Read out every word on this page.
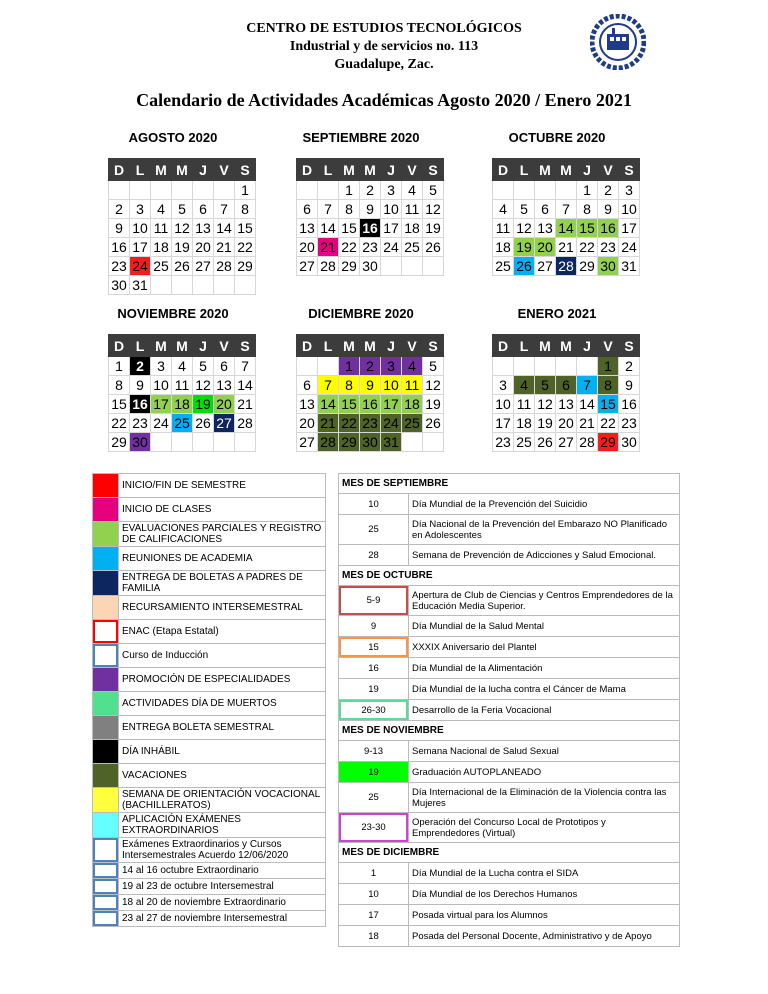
CENTRO DE ESTUDIOS TECNOLÓGICOS
Industrial y de servicios no. 113
Guadalupe, Zac.
Calendario de Actividades Académicas Agosto 2020 / Enero 2021
AGOSTO 2020
D	L	M	M	J	V	S
						1
2	3	4	5	6	7	8
9	10	11	12	13	14	15
16	17	18	19	20	21	22
23	24	25	26	27	28	29
30	31					
SEPTIEMBRE 2020
D	L	M	M	J	V	S
		1	2	3	4	5
6	7	8	9	10	11	12
13	14	15	16	17	18	19
20	21	22	23	24	25	26
27	28	29	30			
OCTUBRE 2020
D	L	M	M	J	V	S
				1	2	3
4	5	6	7	8	9	10
11	12	13	14	15	16	17
18	19	20	21	22	23	24
25	26	27	28	29	30	31
NOVIEMBRE 2020
D	L	M	M	J	V	S
1	2	3	4	5	6	7
8	9	10	11	12	13	14
15	16	17	18	19	20	21
22	23	24	25	26	27	28
29	30					
DICIEMBRE 2020
D	L	M	M	J	V	S
		1	2	3	4	5
6	7	8	9	10	11	12
13	14	15	16	17	18	19
20	21	22	23	24	25	26
27	28	29	30	31		
ENERO 2021
D	L	M	M	J	V	S
					1	2
3	4	5	6	7	8	9
10	11	12	13	14	15	16
17	18	19	20	21	22	23
23	25	26	27	28	29	30
	INICIO/FIN DE SEMESTRE
	INICIO DE CLASES
	EVALUACIONES PARCIALES Y REGISTRO DE CALIFICACIONES
	REUNIONES DE ACADEMIA
	ENTREGA DE BOLETAS A PADRES DE FAMILIA
	RECURSAMIENTO INTERSEMESTRAL
	ENAC (Etapa Estatal)
	Curso de Inducción
	PROMOCIÓN DE ESPECIALIDADES
	ACTIVIDADES DÍA DE MUERTOS
	ENTREGA BOLETA SEMESTRAL
	DÍA INHÁBIL
	VACACIONES
	SEMANA DE ORIENTACIÓN VOCACIONAL (BACHILLERATOS)
	APLICACIÓN EXÁMENES EXTRAORDINARIOS
	Exámenes Extraordinarios y Cursos Intersemestrales Acuerdo 12/06/2020
	14 al 16 octubre Extraordinario
	19 al 23 de octubre Intersemestral
	18 al 20 de noviembre Extraordinario
	23 al 27 de noviembre Intersemestral
MES DE SEPTIEMBRE	
10	Día Mundial de la Prevención del Suicidio
25	Día Nacional de la Prevención del Embarazo NO Planificado en Adolescentes
28	Semana de Prevención de Adicciones y Salud Emocional.
MES DE OCTUBRE	
5-9	Apertura de Club de Ciencias y Centros Emprendedores de la Educación Media Superior.
9	Día Mundial de la Salud Mental
15	XXXIX Aniversario del Plantel
16	Día Mundial de la Alimentación
19	Día Mundial de la lucha contra el Cáncer de Mama
26-30	Desarrollo de la Feria Vocacional
MES DE NOVIEMBRE	
9-13	Semana Nacional de Salud Sexual
19	Graduación AUTOPLANEADO
25	Día Internacional de la Eliminación de la Violencia contra las Mujeres
23-30	Operación del Concurso Local de Prototipos y Emprendedores (Virtual)
MES DE DICIEMBRE	
1	Día Mundial de la Lucha contra el SIDA
10	Día Mundial de los Derechos Humanos
17	Posada virtual para los Alumnos
18	Posada del Personal Docente, Administrativo y de Apoyo
